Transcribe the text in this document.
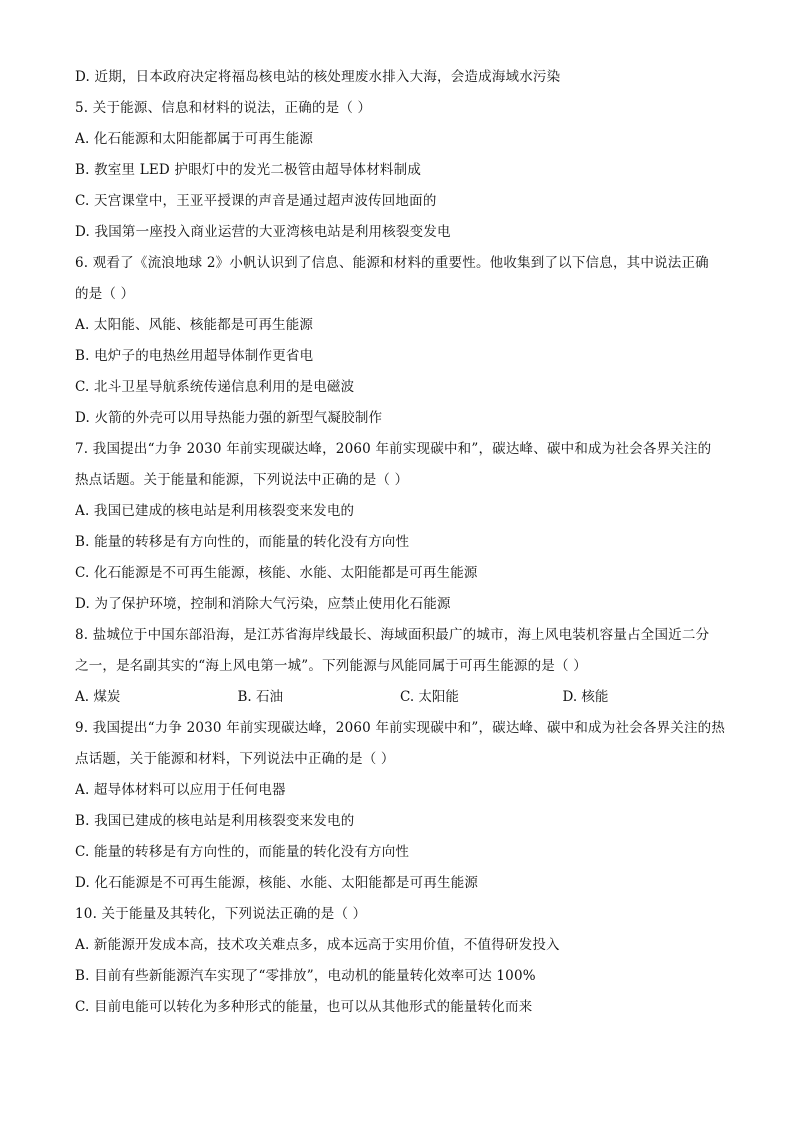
D. 近期，日本政府决定将福岛核电站的核处理废水排入大海，会造成海域水污染
5. 关于能源、信息和材料的说法，正确的是（ ）
A. 化石能源和太阳能都属于可再生能源
B. 教室里 LED 护眼灯中的发光二极管由超导体材料制成
C. 天宫课堂中，王亚平授课的声音是通过超声波传回地面的
D. 我国第一座投入商业运营的大亚湾核电站是利用核裂变发电
6. 观看了《流浪地球 2》小帆认识到了信息、能源和材料的重要性。他收集到了以下信息，其中说法正确
的是（ ）
A. 太阳能、风能、核能都是可再生能源
B. 电炉子的电热丝用超导体制作更省电
C. 北斗卫星导航系统传递信息利用的是电磁波
D. 火箭的外壳可以用导热能力强的新型气凝胶制作
7. 我国提出“力争 2030 年前实现碳达峰，2060 年前实现碳中和”，碳达峰、碳中和成为社会各界关注的
热点话题。关于能量和能源，下列说法中正确的是（ ）
A. 我国已建成的核电站是利用核裂变来发电的
B. 能量的转移是有方向性的，而能量的转化没有方向性
C. 化石能源是不可再生能源，核能、水能、太阳能都是可再生能源
D. 为了保护环境，控制和消除大气污染，应禁止使用化石能源
8. 盐城位于中国东部沿海，是江苏省海岸线最长、海域面积最广的城市，海上风电装机容量占全国近二分
之一，是名副其实的“海上风电第一城”。下列能源与风能同属于可再生能源的是（ ）
A. 煤炭	B. 石油	C. 太阳能	D. 核能
9. 我国提出“力争 2030 年前实现碳达峰，2060 年前实现碳中和”，碳达峰、碳中和成为社会各界关注的热
点话题，关于能源和材料，下列说法中正确的是（ ）
A. 超导体材料可以应用于任何电器
B. 我国已建成的核电站是利用核裂变来发电的
C. 能量的转移是有方向性的，而能量的转化没有方向性
D. 化石能源是不可再生能源，核能、水能、太阳能都是可再生能源
10. 关于能量及其转化，下列说法正确的是（ ）
A. 新能源开发成本高，技术攻关难点多，成本远高于实用价值，不值得研发投入
B. 目前有些新能源汽车实现了“零排放”，电动机的能量转化效率可达 100%
C. 目前电能可以转化为多种形式的能量，也可以从其他形式的能量转化而来
